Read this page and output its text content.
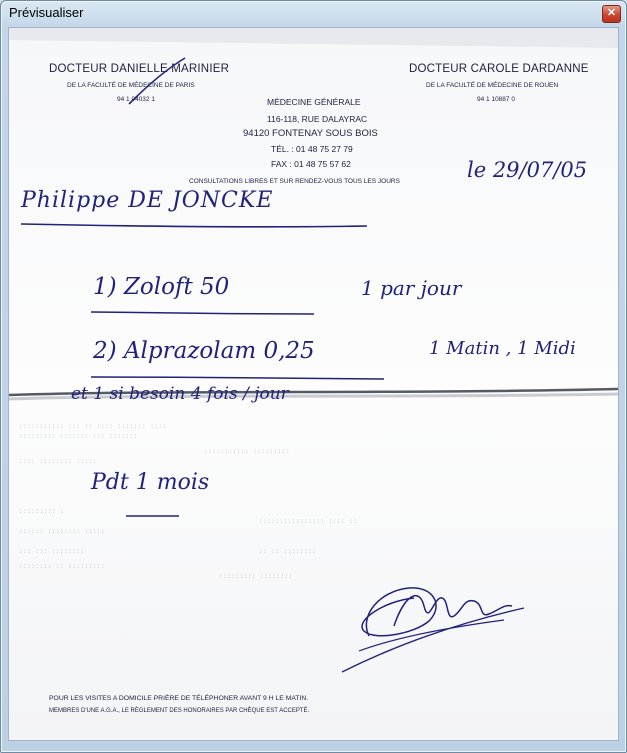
Prévisualiser	✕
::::::::::: ::: :: :::: ::::::: ::::
::::::::: ::::::: ::: :::::::
::::::::::: :::::::::
:::: :::::::: :::::
::::::::: :
:::::: :::::::: :::::
:::::::::::::::: :::: ::
::: ::: ::::::::	:: :: ::::::::
:::::::: :: :::::::::
::::::::: ::::::::
DOCTEUR DANIELLE MARINIER
DE LA FACULTÉ DE MÉDECINE DE PARIS
94 1 04032 1
DOCTEUR CAROLE DARDANNE
DE LA FACULTÉ DE MÉDECINE DE ROUEN
94 1 10887 0
MÉDECINE GÉNÉRALE
116-118, RUE DALAYRAC
94120 FONTENAY SOUS BOIS
TÉL. : 01 48 75 27 79
FAX : 01 48 75 57 62
CONSULTATIONS LIBRES ET SUR RENDEZ-VOUS TOUS LES JOURS	le 29/07/05
Philippe DE JONCKE
1) Zoloft 50	1 par jour
2) Alprazolam 0,25	1 Matin , 1 Midi
et 1 si besoin 4 fois / jour
Pdt 1 mois
POUR LES VISITES A DOMICILE PRIÈRE DE TÉLÉPHONER AVANT 9 H LE MATIN.
MEMBRES D'UNE A.G.A., LE RÈGLEMENT DES HONORAIRES PAR CHÈQUE EST ACCEPTÉ.
